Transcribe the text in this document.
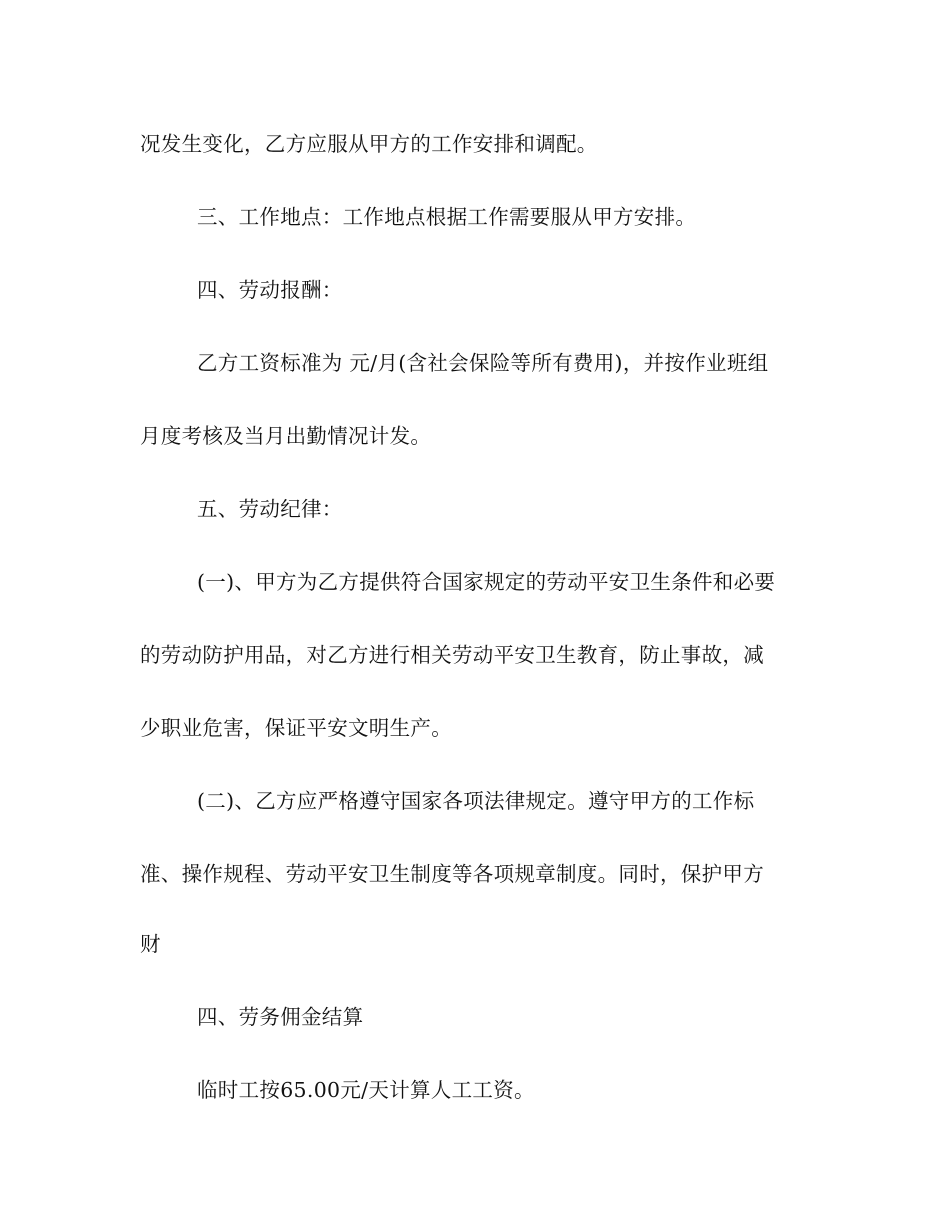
况发生变化，乙方应服从甲方的工作安排和调配。
三、工作地点：工作地点根据工作需要服从甲方安排。
四、劳动报酬：
乙方工资标准为 元/月(含社会保险等所有费用)，并按作业班组
月度考核及当月出勤情况计发。
五、劳动纪律：
(一)、甲方为乙方提供符合国家规定的劳动平安卫生条件和必要
的劳动防护用品，对乙方进行相关劳动平安卫生教育，防止事故，减
少职业危害，保证平安文明生产。
(二)、乙方应严格遵守国家各项法律规定。遵守甲方的工作标
准、操作规程、劳动平安卫生制度等各项规章制度。同时，保护甲方
财
四、劳务佣金结算
临时工按65.00元/天计算人工工资。
